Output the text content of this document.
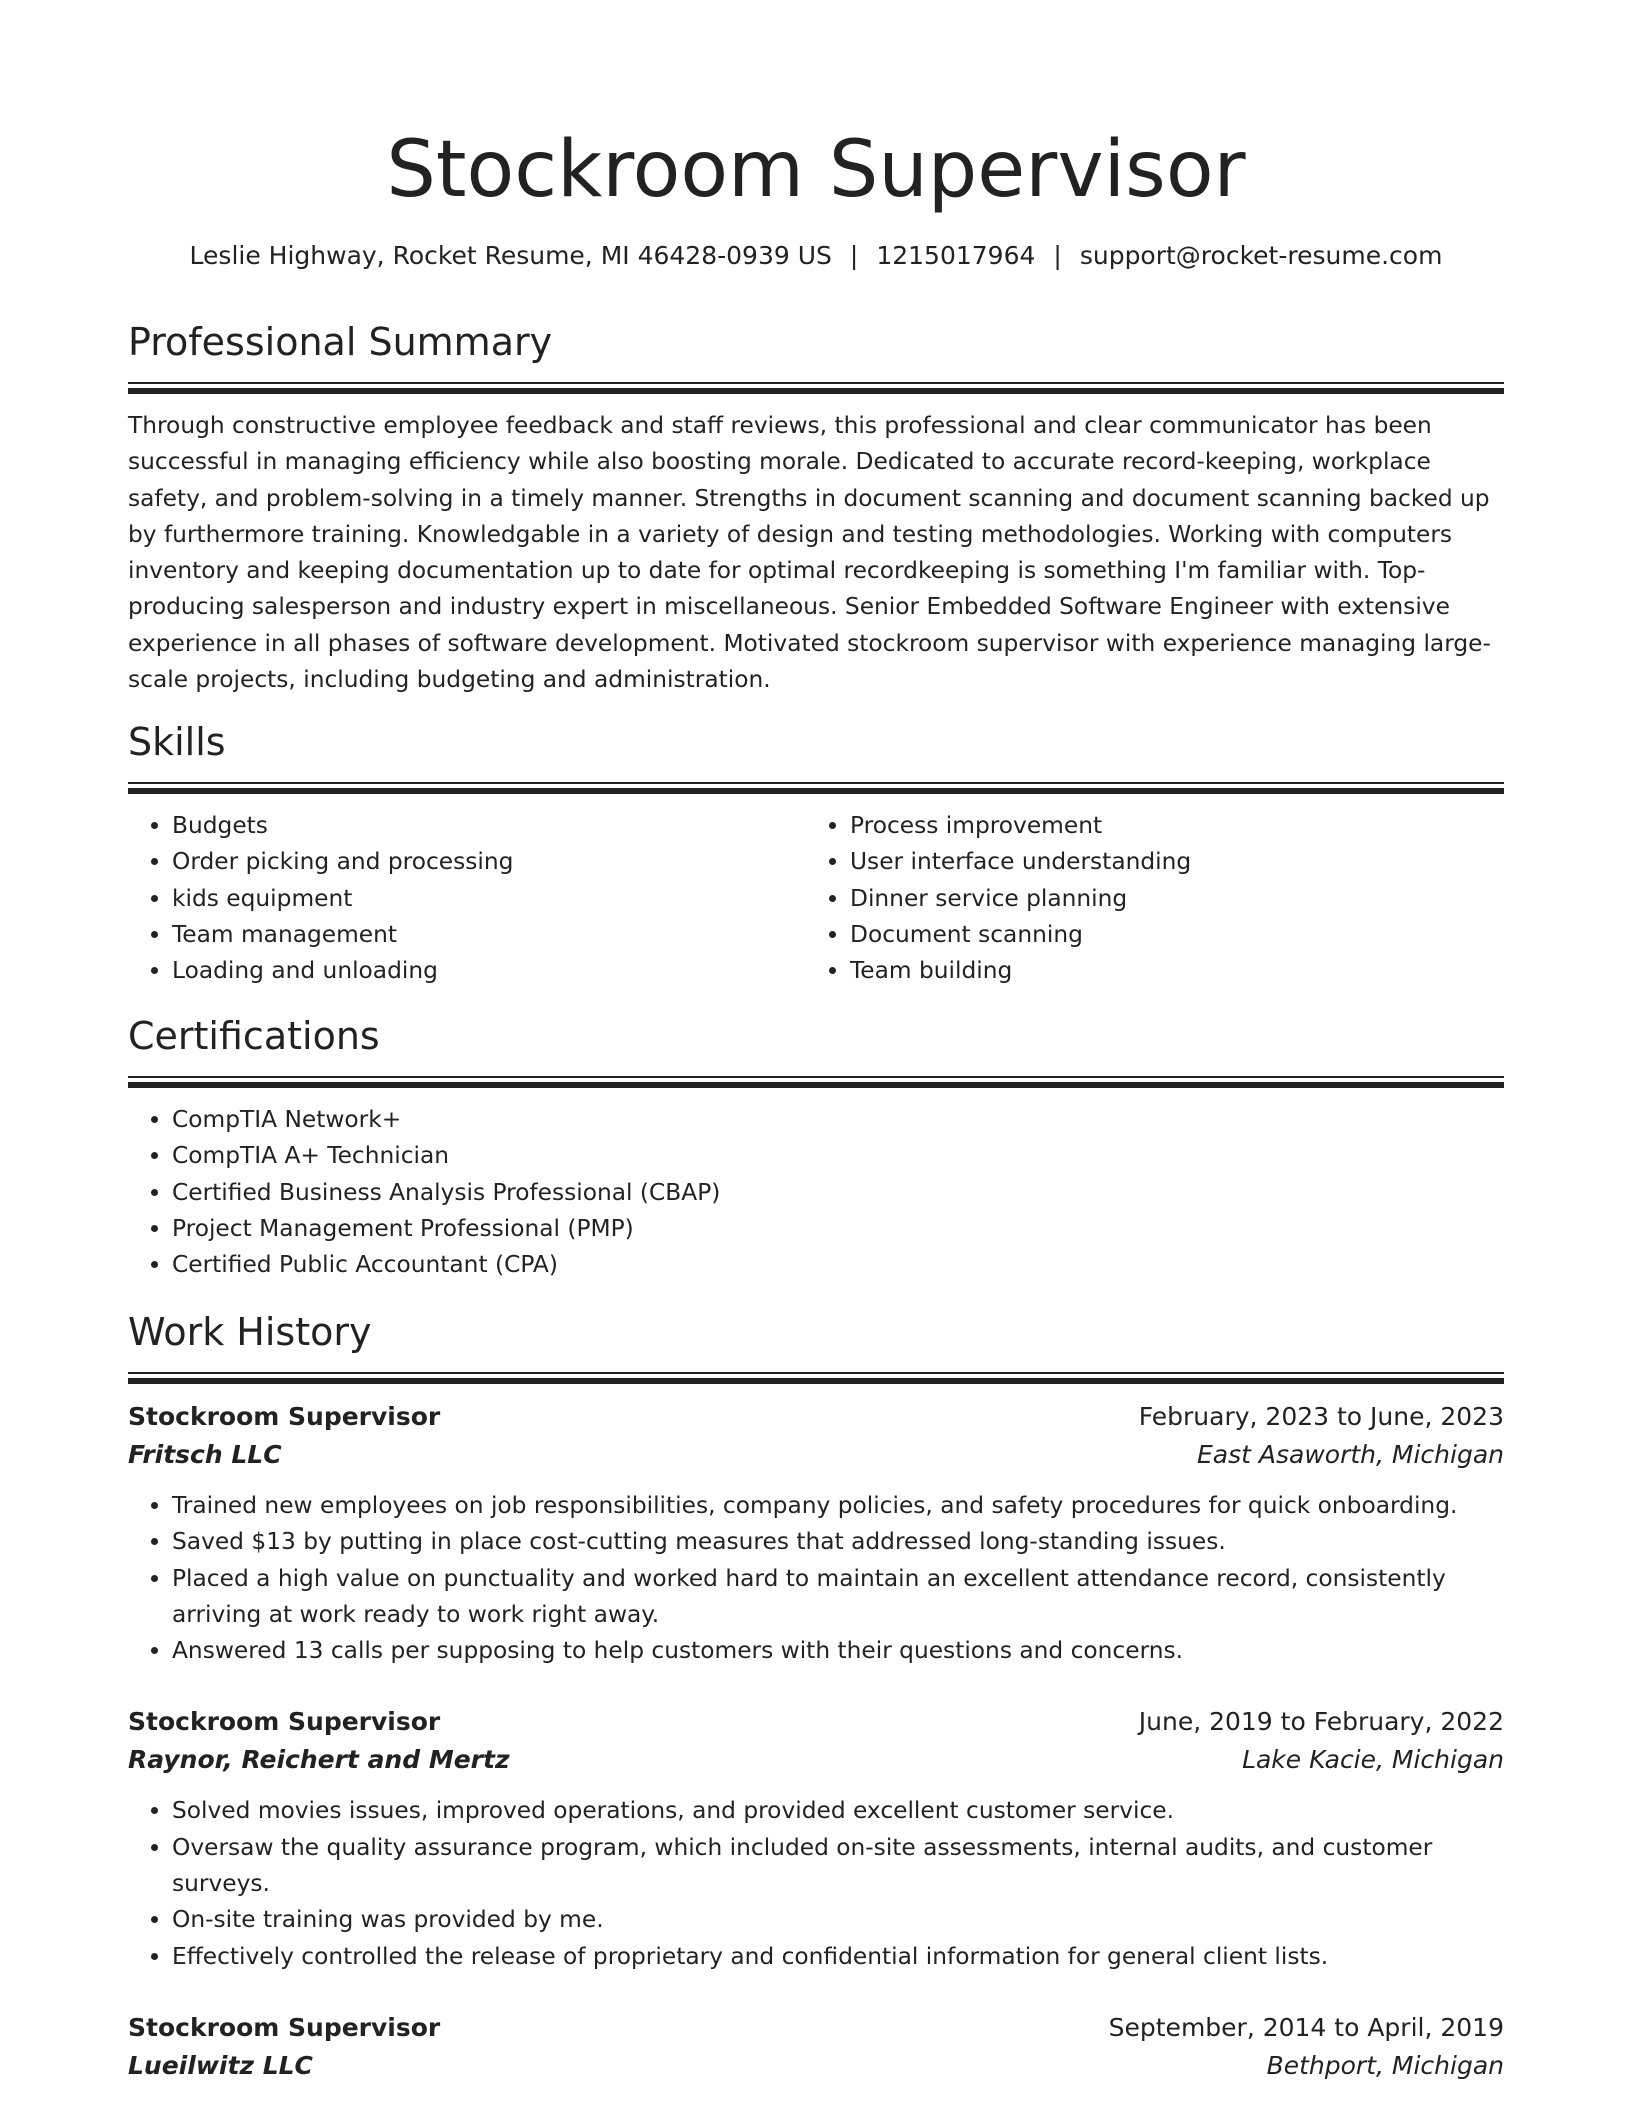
Stockroom Supervisor
Leslie Highway, Rocket Resume, MI 46428-0939 US | 1215017964 | support@rocket-resume.com
Professional Summary

Through constructive employee feedback and staff reviews, this professional and clear communicator has been successful in managing efficiency while also boosting morale. Dedicated to accurate record-keeping, workplace safety, and problem-solving in a timely manner. Strengths in document scanning and document scanning backed up by furthermore training. Knowledgable in a variety of design and testing methodologies. Working with computers inventory and keeping documentation up to date for optimal recordkeeping is something I'm familiar with. Top-producing salesperson and industry expert in miscellaneous. Senior Embedded Software Engineer with extensive experience in all phases of software development. Motivated stockroom supervisor with experience managing large-scale projects, including budgeting and administration.

Skills
• Budgets
• Order picking and processing
• kids equipment
• Team management
• Loading and unloading
• Process improvement
• User interface understanding
• Dinner service planning
• Document scanning
• Team building
Certifications
• CompTIA Network+
• CompTIA A+ Technician
• Certified Business Analysis Professional (CBAP)
• Project Management Professional (PMP)
• Certified Public Accountant (CPA)
Work History
Stockroom Supervisor	February, 2023 to June, 2023
Fritsch LLC	East Asaworth, Michigan
• Trained new employees on job responsibilities, company policies, and safety procedures for quick onboarding.
• Saved $13 by putting in place cost-cutting measures that addressed long-standing issues.
• Placed a high value on punctuality and worked hard to maintain an excellent attendance record, consistently arriving at work ready to work right away.
• Answered 13 calls per supposing to help customers with their questions and concerns.
Stockroom Supervisor	June, 2019 to February, 2022
Raynor, Reichert and Mertz	Lake Kacie, Michigan
• Solved movies issues, improved operations, and provided excellent customer service.
• Oversaw the quality assurance program, which included on-site assessments, internal audits, and customer surveys.
• On-site training was provided by me.
• Effectively controlled the release of proprietary and confidential information for general client lists.
Stockroom Supervisor	September, 2014 to April, 2019
Lueilwitz LLC	Bethport, Michigan
